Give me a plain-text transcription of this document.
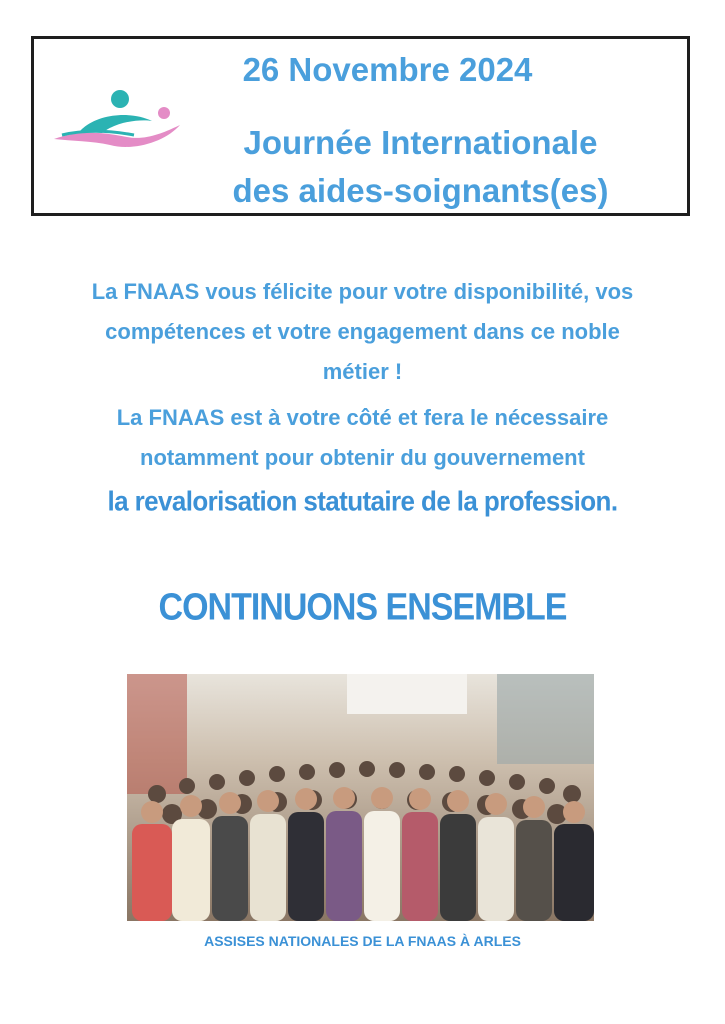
26 Novembre 2024
Journée Internationale
des aides-soignants(es)
La FNAAS vous félicite pour votre disponibilité, vos
compétences et votre engagement dans ce noble
métier !
La FNAAS est à votre côté et fera le nécessaire
notamment pour obtenir du gouvernement
la revalorisation statutaire de la profession.
CONTINUONS ENSEMBLE
ASSISES NATIONALES DE LA FNAAS À ARLES
